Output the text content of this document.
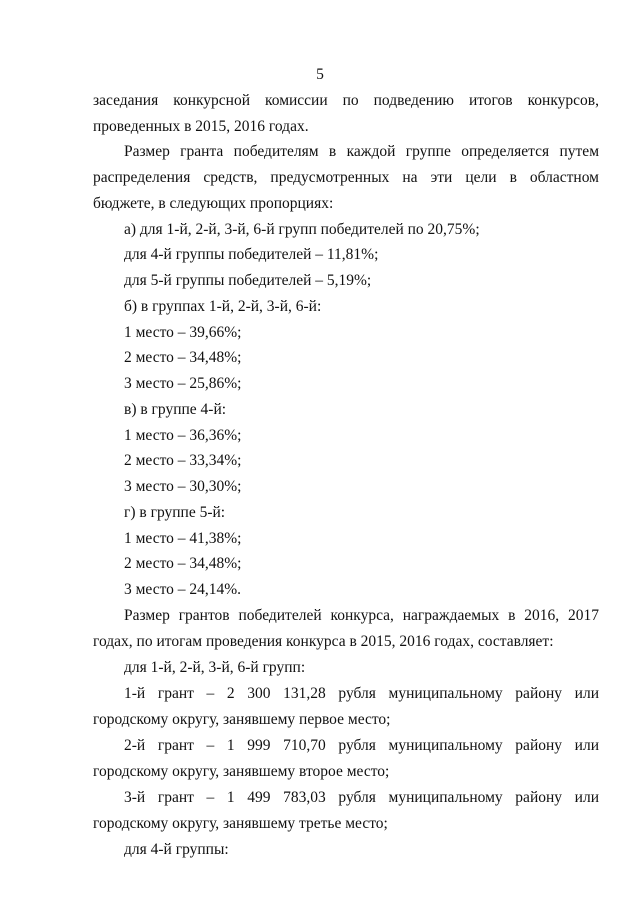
5
заседания конкурсной комиссии по подведению итогов конкурсов,
проведенных в 2015, 2016 годах.
Размер гранта победителям в каждой группе определяется путем
распределения средств, предусмотренных на эти цели в областном
бюджете, в следующих пропорциях:
а) для 1-й, 2-й, 3-й, 6-й групп победителей по 20,75%;
для 4-й группы победителей – 11,81%;
для 5-й группы победителей – 5,19%;
б) в группах 1-й, 2-й, 3-й, 6-й:
1 место – 39,66%;
2 место – 34,48%;
3 место – 25,86%;
в) в группе 4-й:
1 место – 36,36%;
2 место – 33,34%;
3 место – 30,30%;
г) в группе 5-й:
1 место – 41,38%;
2 место – 34,48%;
3 место – 24,14%.
Размер грантов победителей конкурса, награждаемых в 2016, 2017
годах, по итогам проведения конкурса в 2015, 2016 годах, составляет:
для 1-й, 2-й, 3-й, 6-й групп:
1-й грант – 2 300 131,28 рубля муниципальному району или
городскому округу, занявшему первое место;
2-й грант – 1 999 710,70 рубля муниципальному району или
городскому округу, занявшему второе место;
3-й грант – 1 499 783,03 рубля муниципальному району или
городскому округу, занявшему третье место;
для 4-й группы:
